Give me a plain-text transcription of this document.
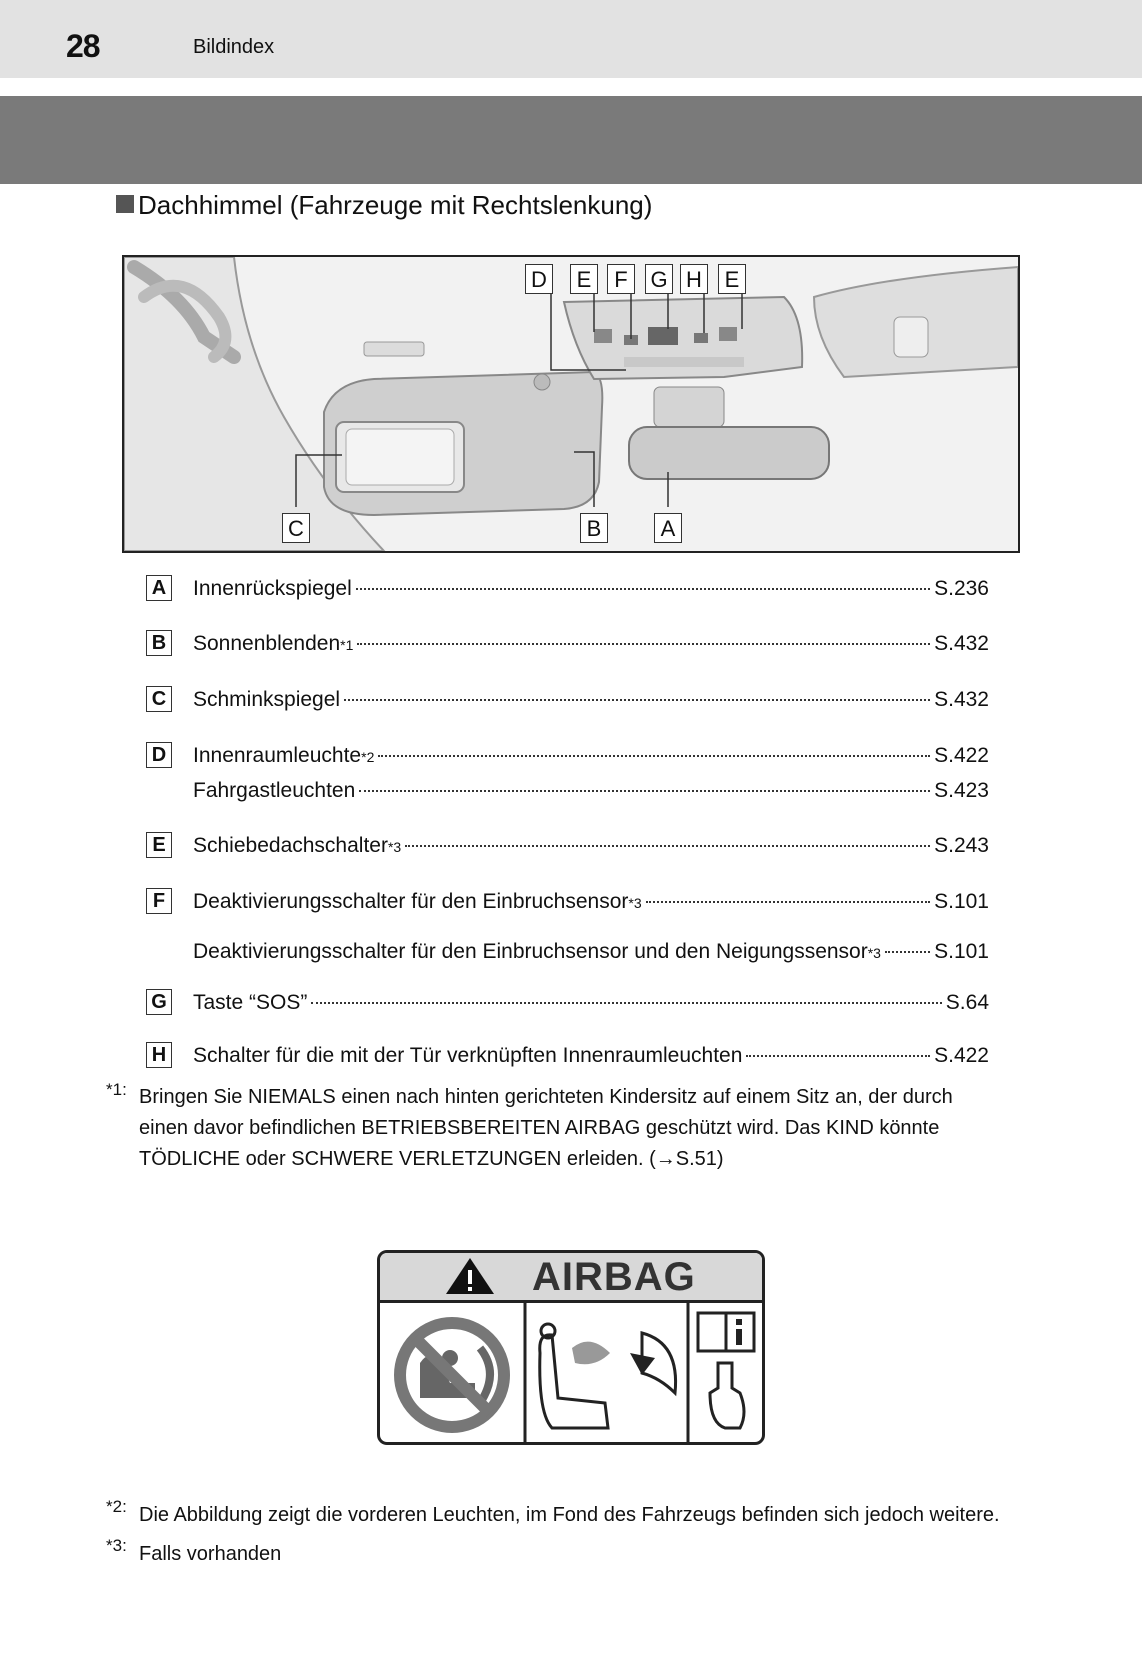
28	Bildindex
Dachhimmel (Fahrzeuge mit Rechtslenkung)
D	E	F	G H	E
C	B	A
A Innenrückspiegel	S.236
B Sonnenblenden *1	S.432
C Schminkspiegel	S.432
D Innenraumleuchte *2	S.422
Fahrgastleuchten	S.423
E	Schiebedachschalter *3	S.243
F	Deaktivierungsschalter für den Einbruchsensor *3	S.101
Deaktivierungsschalter für den Einbruchsensor und den Neigungssensor *3	S.101
G Taste “SOS”	S.64
H Schalter für die mit der Tür verknüpften Innenraumleuchten	S.422
*1: Bringen Sie NIEMALS einen nach hinten gerichteten Kindersitz auf einem Sitz an, der durch
einen davor befindlichen BETRIEBSBEREITEN AIRBAG geschützt wird. Das KIND könnte
TÖDLICHE oder SCHWERE VERLETZUNGEN erleiden. (→S.51)
AIRBAG
*2: Die Abbildung zeigt die vorderen Leuchten, im Fond des Fahrzeugs befinden sich jedoch weitere.
*3: Falls vorhanden
